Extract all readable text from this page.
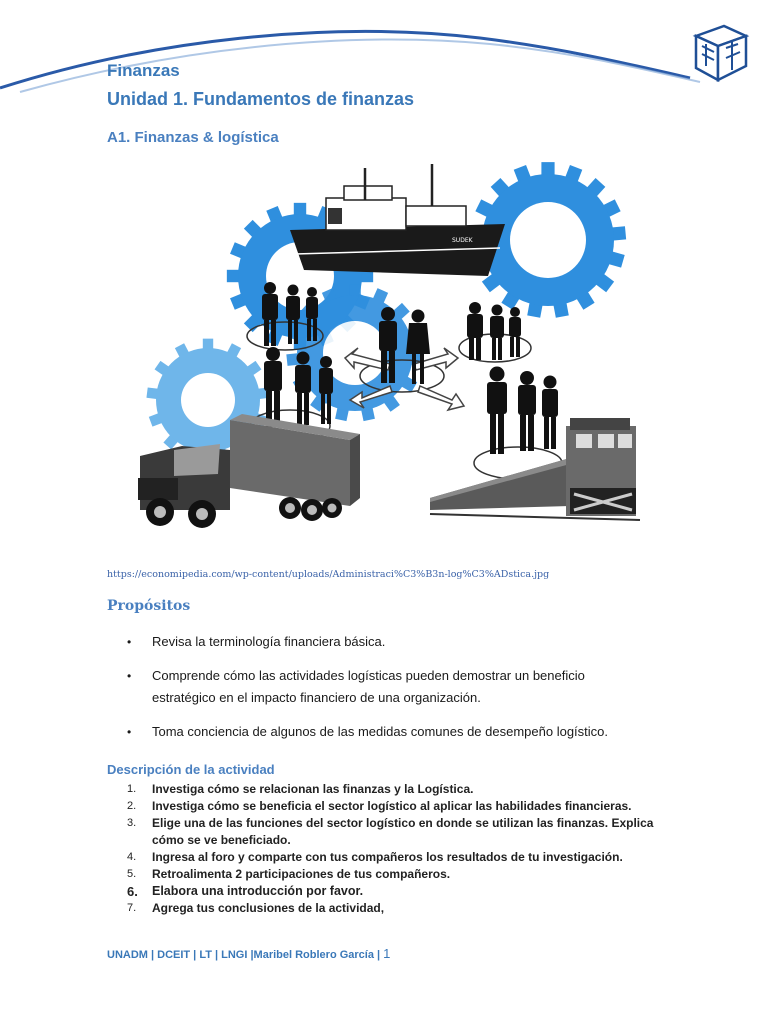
Finanzas
Unidad 1. Fundamentos de finanzas
A1. Finanzas & logística
SUDEK
https://economipedia.com/wp-content/uploads/Administraci%C3%B3n-log%C3%ADstica.jpg
Propósitos
• Revisa la terminología financiera básica.
• Comprende cómo las actividades logísticas pueden demostrar un beneficio estratégico en el impacto financiero de una organización.
• Toma conciencia de algunos de las medidas comunes de desempeño logístico.
Descripción de la actividad
1. Investiga cómo se relacionan las finanzas y la Logística.
2. Investiga cómo se beneficia el sector logístico al aplicar las habilidades financieras.
3. Elige una de las funciones del sector logístico en donde se utilizan las finanzas. Explica cómo se ve beneficiado.
4. Ingresa al foro y comparte con tus compañeros los resultados de tu investigación.
5. Retroalimenta 2 participaciones de tus compañeros.
6. Elabora una introducción por favor.
7. Agrega tus conclusiones de la actividad,
UNADM | DCEIT | LT | LNGI |Maribel Roblero García | 1
